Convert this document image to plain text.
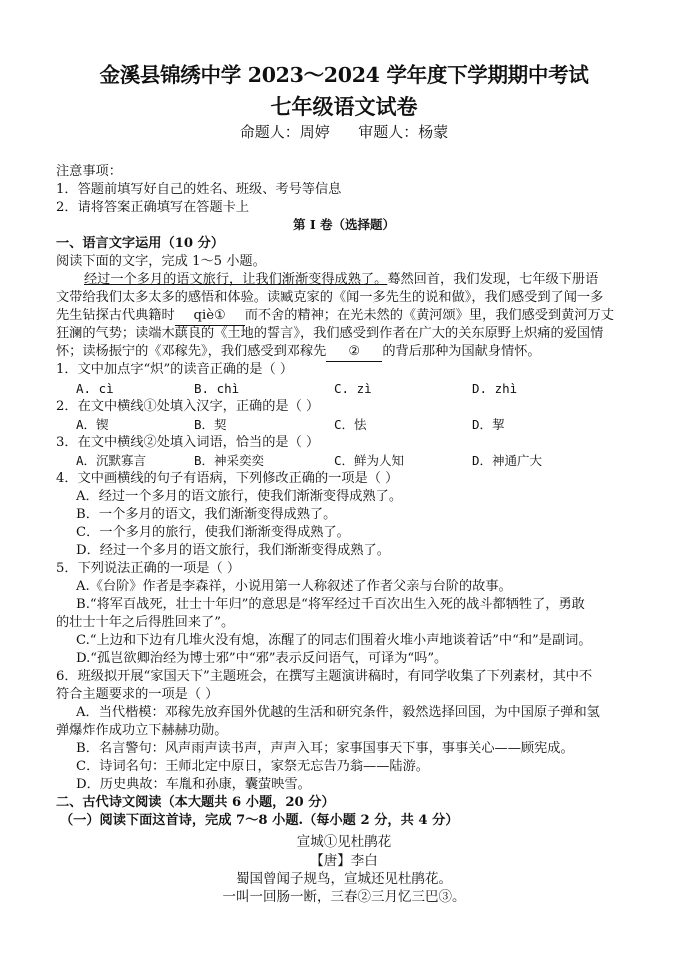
金溪县锦绣中学 2023～2024 学年度下学期期中考试
七年级语文试卷
命题人：周婷      审题人：杨蒙
注意事项：
1．答题前填写好自己的姓名、班级、考号等信息
2．请将答案正确填写在答题卡上
第 I 卷（选择题）
一、语言文字运用（10 分）
阅读下面的文字，完成 1～5 小题。
经过一个多月的语文旅行，让我们渐渐变得成熟了。蓦然回首，我们发现，七年级下册语
文带给我们太多太多的感悟和体验。读臧克家的《闻一多先生的说和做》，我们感受到了闻一多
先生钻探古代典籍时 qiè① 而不舍的精神；在光未然的《黄河颂》里，我们感受到黄河万丈
狂澜的气势；读端木蕻良的《土地的誓言》，我们感受到作者在广大的关东原野上炽痛的爱国情
怀；读杨振宁的《邓稼先》，我们感受到邓稼先 ② 的背后那种为国献身情怀。
1．文中加点字“炽”的读音正确的是（ ）
A. cì	B. chì	C. zì	D. zhì
2．在文中横线①处填入汉字，正确的是（ ）
A．锲	B．契	C．怯	D．挈
3．在文中横线②处填入词语，恰当的是（ ）
A．沉默寡言	B．神采奕奕	C．鲜为人知	D．神通广大
4．文中画横线的句子有语病，下列修改正确的一项是（ ）
A．经过一个多月的语文旅行，使我们渐渐变得成熟了。
B．一个多月的语文，我们渐渐变得成熟了。
C．一个多月的旅行，使我们渐渐变得成熟了。
D．经过一个多月的语文旅行，我们渐渐变得成熟了。
5．下列说法正确的一项是（ ）
A.《台阶》作者是李森祥，小说用第一人称叙述了作者父亲与台阶的故事。
B.“将军百战死，壮士十年归”的意思是“将军经过千百次出生入死的战斗都牺牲了，勇敢
的壮士十年之后得胜回来了”。
C.“上边和下边有几堆火没有熄，冻醒了的同志们围着火堆小声地谈着话”中“和”是副词。
D.“孤岂欲卿治经为博士邪”中“邪”表示反问语气，可译为“吗”。
6．班级拟开展“家国天下”主题班会，在撰写主题演讲稿时，有同学收集了下列素材，其中不
符合主题要求的一项是（ ）
A．当代楷模：邓稼先放弃国外优越的生活和研究条件，毅然选择回国，为中国原子弹和氢
弹爆炸作成功立下赫赫功勋。
B．名言警句：风声雨声读书声，声声入耳；家事国事天下事，事事关心——顾宪成。
C．诗词名句：王师北定中原日，家祭无忘告乃翁——陆游。
D．历史典故：车胤和孙康，囊萤映雪。
二、古代诗文阅读（本大题共 6 小题，20 分）
（一）阅读下面这首诗，完成 7～8 小题.（每小题 2 分，共 4 分）
宣城①见杜鹃花
【唐】李白
蜀国曾闻子规鸟，宣城还见杜鹃花。
一叫一回肠一断，三春②三月忆三巴③。
